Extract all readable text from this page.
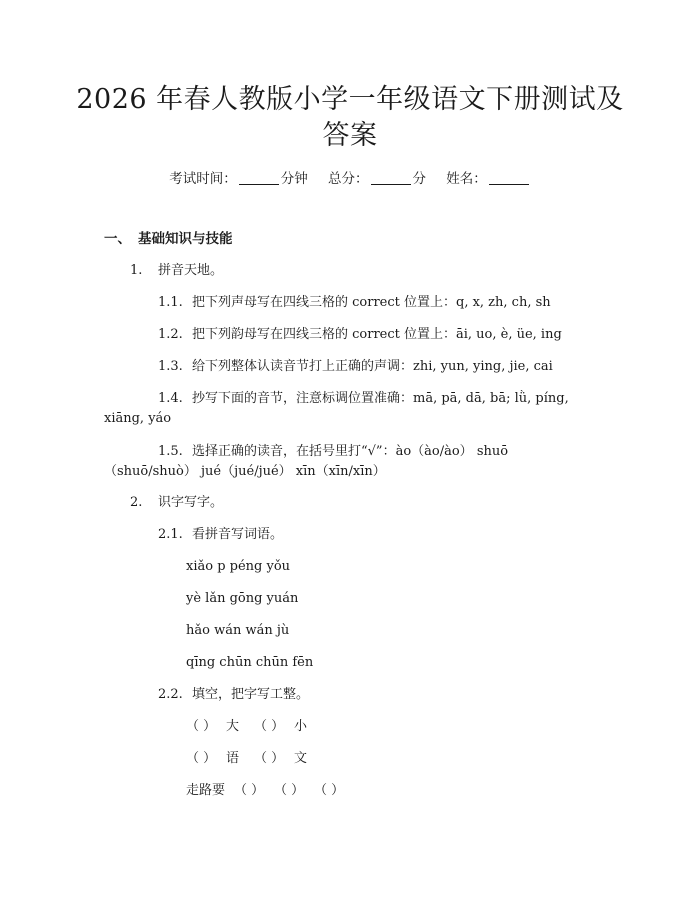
2026 年春人教版小学一年级语文下册测试及
答案
考试时间：	分钟 总分：	分 姓名：
一、 基础知识与技能
1. 拼音天地。
1.1. 把下列声母写在四线三格的 correct 位置上：q, x, zh, ch, sh
1.2. 把下列韵母写在四线三格的 correct 位置上：āi, uo, è, üe, ing
1.3. 给下列整体认读音节打上正确的声调：zhi, yun, ying, jie, cai
1.4. 抄写下面的音节，注意标调位置准确：mā, pā, dā, bā; lǜ, píng,
xiāng, yáo
1.5. 选择正确的读音，在括号里打“√”：ào（ào/ào） shuō
（shuō/shuò） jué（jué/jué） xīn（xīn/xīn）
2. 识字写字。
2.1. 看拼音写词语。
xiǎo p péng yǒu
yè lǎn gōng yuán
hǎo wán wán jù
qīng chūn chūn fēn
2.2. 填空，把字写工整。
（ ） 大 （ ） 小
（ ） 语 （ ） 文
走路要 （ ） （ ） （ ）
